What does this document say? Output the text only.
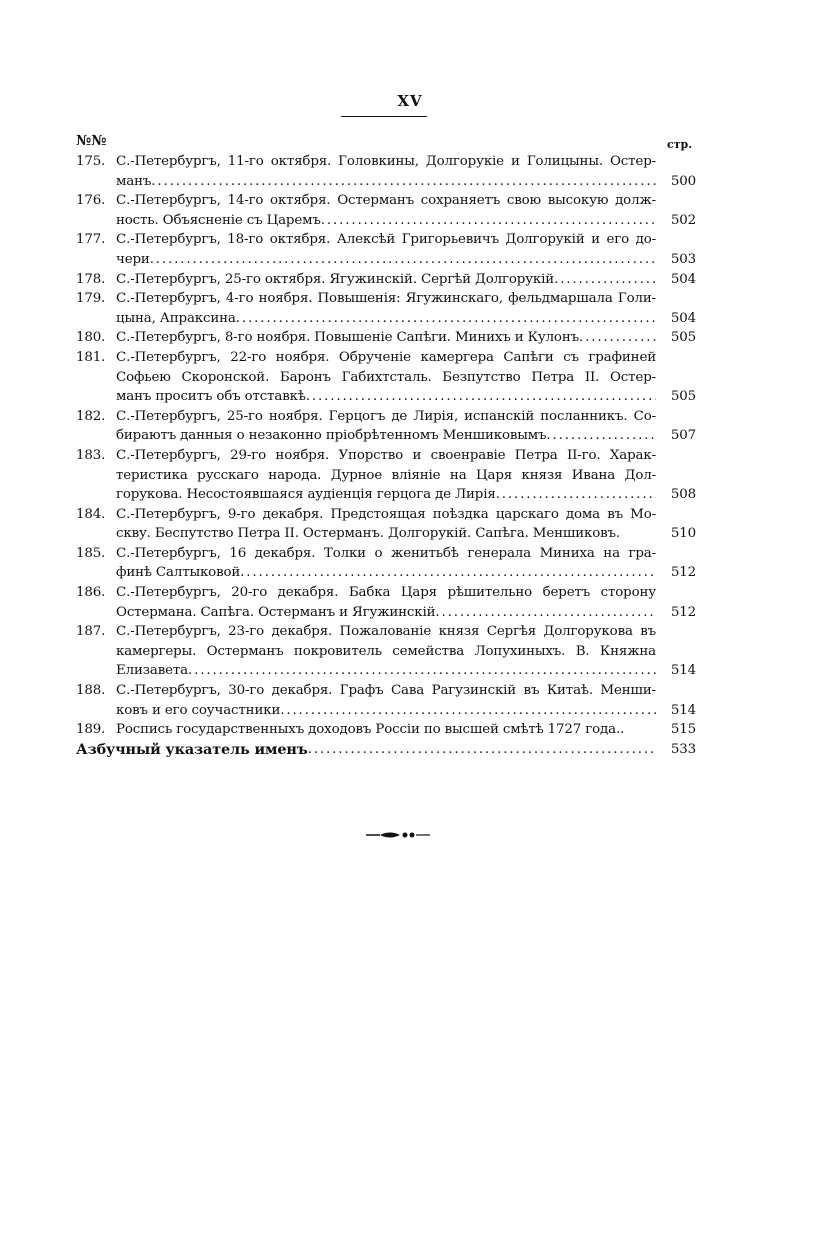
XV
№№	стр.
175. С.-Петербургъ, 11-го октября. Головкины, Долгорукіе и Голицыны. Остер-
манъ . . .	500
176. С.-Петербургъ, 14-го октября. Остерманъ сохраняетъ свою высокую долж-
ность. Объясненіе съ Царемъ . . .	502
177. С.-Петербургъ, 18-го октября. Алексѣй Григорьевичъ Долгорукій и его до-
чери . . .	503
178. С.-Петербургъ, 25-го октября. Ягужинскій. Сергѣй Долгорукій . . .	504
179. С.-Петербургъ, 4-го ноября. Повышенія: Ягужинскаго, фельдмаршала Голи-
цына, Апраксина . . .	504
180. С.-Петербургъ, 8-го ноября. Повышеніе Сапѣги. Минихъ и Кулонъ . . .	505
181. С.-Петербургъ, 22-го ноября. Обрученіе камергера Сапѣги съ графиней
Софьею Скоронской. Баронъ Габихтсталь. Безпутство Петра II. Остер-
манъ проситъ объ отставкѣ . . .	505
182. С.-Петербургъ, 25-го ноября. Герцогъ де Лирія, испанскій посланникъ. Со-
бираютъ данныя о незаконно пріобрѣтенномъ Меншиковымъ . . .	507
183. С.-Петербургъ, 29-го ноября. Упорство и своенравіе Петра II-го. Харак-
теристика русскаго народа. Дурное вліяніе на Царя князя Ивана Дол-
горукова. Несостоявшаяся аудіенція герцога де Лирія . . .	508
184. С.-Петербургъ, 9-го декабря. Предстоящая поѣздка царскаго дома въ Мо-
скву. Беспутство Петра II. Остерманъ. Долгорукій. Сапѣга. Меншиковъ.	510
185. С.-Петербургъ, 16 декабря. Толки о женитьбѣ генерала Миниха на гра-
финѣ Салтыковой . . .	512
186. С.-Петербургъ, 20-го декабря. Бабка Царя рѣшительно беретъ сторону
Остермана. Сапѣга. Остерманъ и Ягужинскій . . .	512
187. С.-Петербургъ, 23-го декабря. Пожалованіе князя Сергѣя Долгорукова въ
камергеры. Остерманъ покровитель семейства Лопухиныхъ. В. Княжна
Елизавета . . .	514
188. С.-Петербургъ, 30-го декабря. Графъ Сава Рагузинскій въ Китаѣ. Менши-
ковъ и его соучастники . . .	514
189. Роспись государственныхъ доходовъ Россіи по высшей смѣтѣ 1727 года..	515
Азбучный указатель именъ . . .	533
